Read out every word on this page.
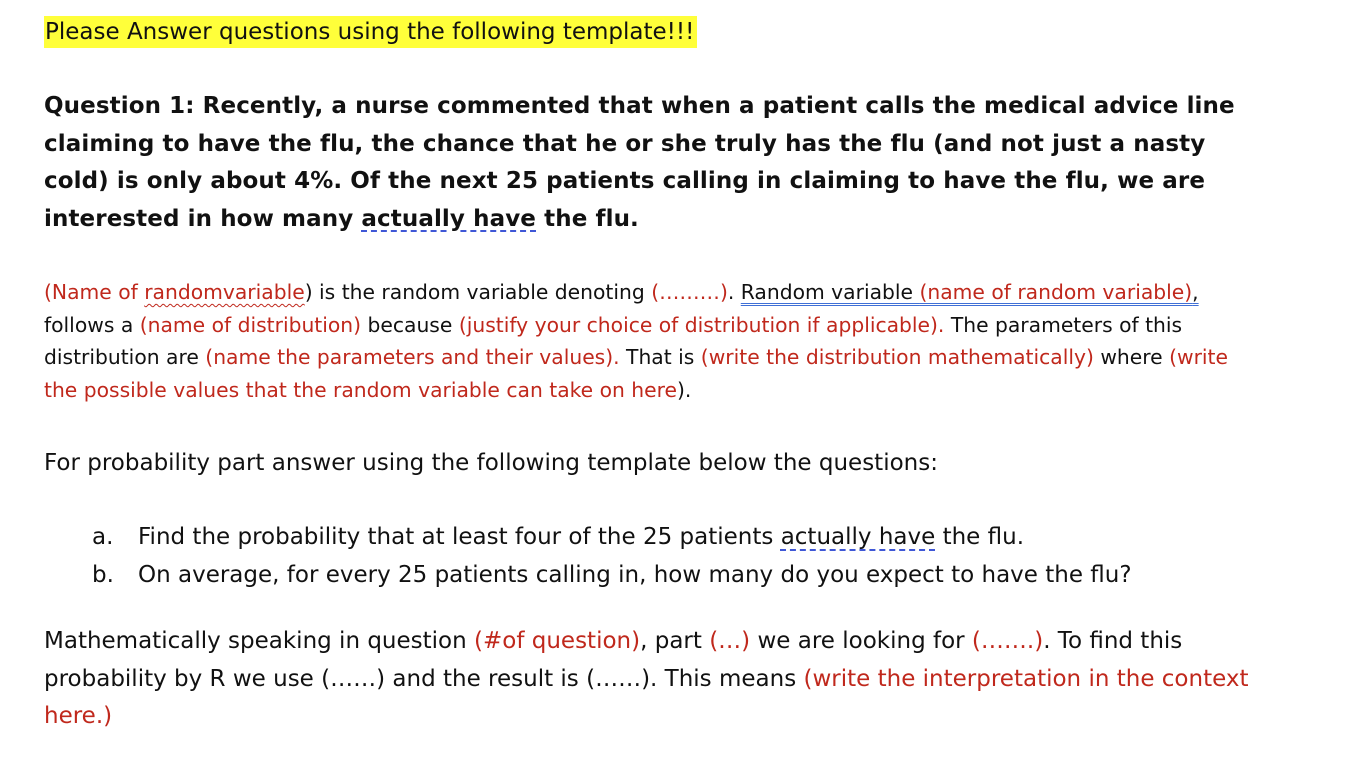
Please Answer questions using the following template!!!
Question 1: Recently, a nurse commented that when a patient calls the medical advice line claiming to have the flu, the chance that he or she truly has the flu (and not just a nasty cold) is only about 4%. Of the next 25 patients calling in claiming to have the flu, we are interested in how many actually have the flu.
(Name of randomvariable) is the random variable denoting (………). Random variable (name of random variable), follows a (name of distribution) because (justify your choice of distribution if applicable). The parameters of this distribution are (name the parameters and their values). That is (write the distribution mathematically) where (write the possible values that the random variable can take on here).
For probability part answer using the following template below the questions:
a. Find the probability that at least four of the 25 patients actually have the flu.
b. On average, for every 25 patients calling in, how many do you expect to have the flu?
Mathematically speaking in question (#of question), part (…) we are looking for (…….). To find this probability by R we use (……) and the result is (……). This means (write the interpretation in the context here.)
